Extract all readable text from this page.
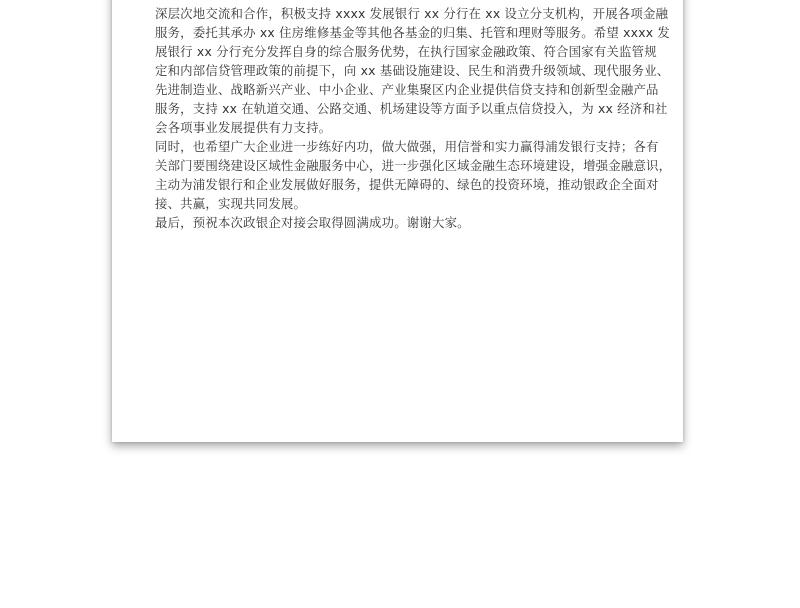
深层次地交流和合作，积极支持 xxxx 发展银行 xx 分行在 xx 设立分支机构，开展各项金融
服务，委托其承办 xx 住房维修基金等其他各基金的归集、托管和理财等服务。希望 xxxx 发
展银行 xx 分行充分发挥自身的综合服务优势，在执行国家金融政策、符合国家有关监管规
定和内部信贷管理政策的前提下，向 xx 基础设施建设、民生和消费升级领域、现代服务业、
先进制造业、战略新兴产业、中小企业、产业集聚区内企业提供信贷支持和创新型金融产品
服务，支持 xx 在轨道交通、公路交通、机场建设等方面予以重点信贷投入，为 xx 经济和社
会各项事业发展提供有力支持。
同时，也希望广大企业进一步练好内功，做大做强，用信誉和实力赢得浦发银行支持；各有
关部门要围绕建设区域性金融服务中心，进一步强化区域金融生态环境建设，增强金融意识，
主动为浦发银行和企业发展做好服务，提供无障碍的、绿色的投资环境，推动银政企全面对
接、共赢，实现共同发展。
最后，预祝本次政银企对接会取得圆满成功。谢谢大家。
